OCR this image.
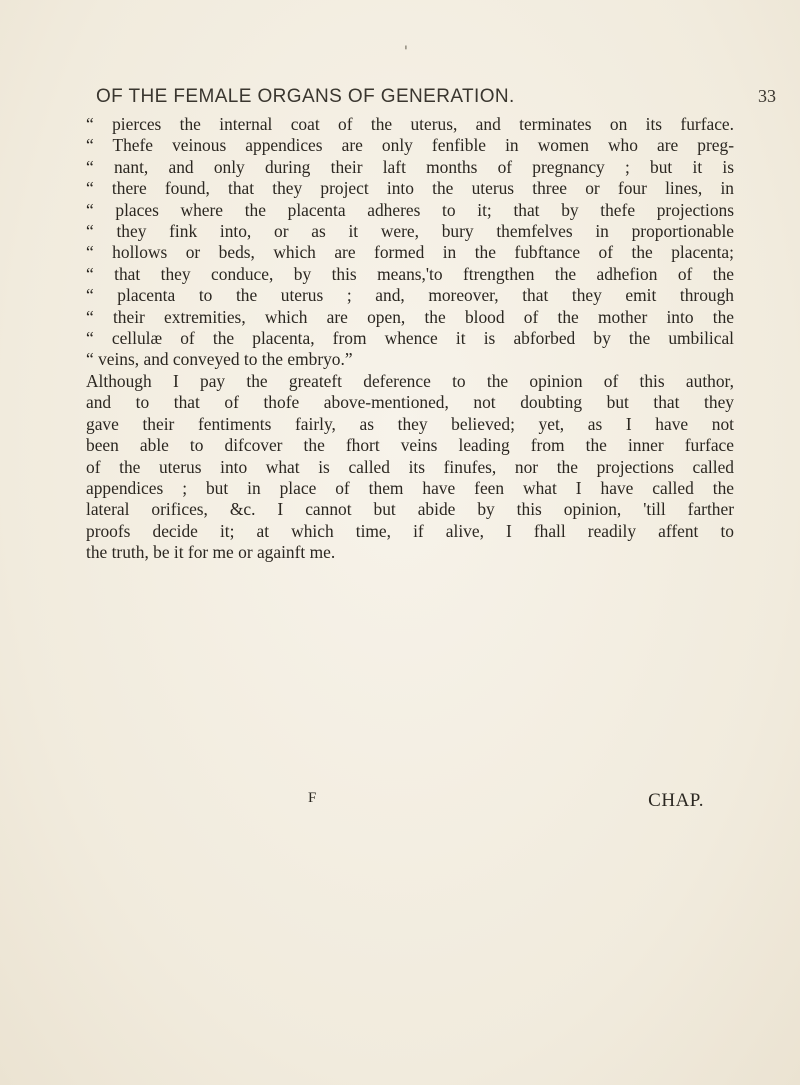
'
OF THE FEMALE ORGANS OF GENERATION.	33
“ pierces the internal coat of the uterus, and terminates on its furface.
“ Thefe veinous appendices are only fenfible in women who are preg-
“ nant, and only during their laft months of pregnancy ; but it is
“ there found, that they project into the uterus three or four lines, in
“ places where the placenta adheres to it; that by thefe projections
“ they fink into, or as it were, bury themfelves in proportionable
“ hollows or beds, which are formed in the fubftance of the placenta;
“ that they conduce, by this means,'to ftrengthen the adhefion of the
“ placenta to the uterus ; and, moreover, that they emit through
“ their extremities, which are open, the blood of the mother into the
“ cellulæ of the placenta, from whence it is abforbed by the umbilical
“ veins, and conveyed to the embryo.”
Although I pay the greateft deference to the opinion of this author,
and to that of thofe above-mentioned, not doubting but that they
gave their fentiments fairly, as they believed; yet, as I have not
been able to difcover the fhort veins leading from the inner furface
of the uterus into what is called its finufes, nor the projections called
appendices ; but in place of them have feen what I have called the
lateral orifices, &c. I cannot but abide by this opinion, 'till farther
proofs decide it; at which time, if alive, I fhall readily affent to
the truth, be it for me or againft me.
F	CHAP.
